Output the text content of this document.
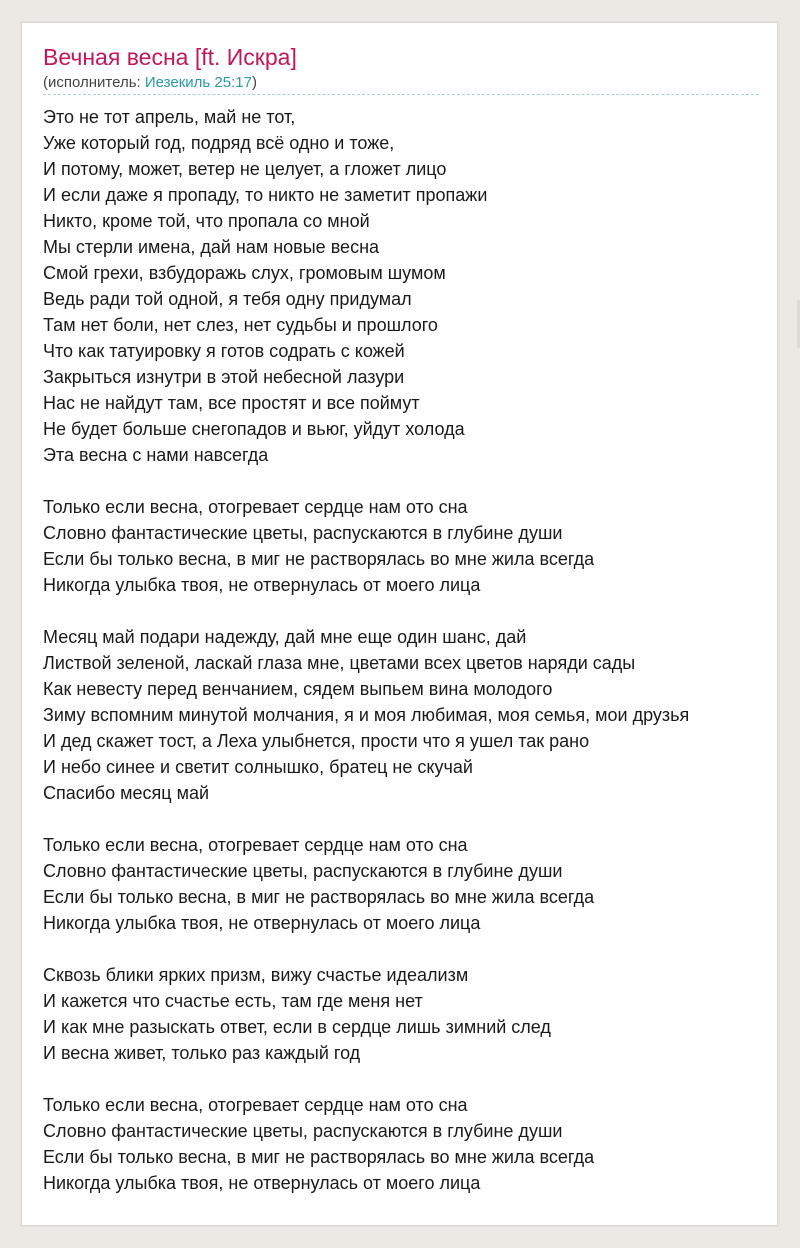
Вечная весна [ft. Искра]
(исполнитель: Иезекиль 25:17)
Это не тот апрель, май не тот,
Уже который год, подряд всё одно и тоже,
И потому, может, ветер не целует, а гложет лицо
И если даже я пропаду, то никто не заметит пропажи
Никто, кроме той, что пропала со мной
Мы стерли имена, дай нам новые весна
Смой грехи, взбудоражь слух, громовым шумом
Ведь ради той одной, я тебя одну придумал
Там нет боли, нет слез, нет судьбы и прошлого
Что как татуировку я готов содрать с кожей
Закрыться изнутри в этой небесной лазури
Нас не найдут там, все простят и все поймут
Не будет больше снегопадов и вьюг, уйдут холода
Эта весна с нами навсегда
Только если весна, отогревает сердце нам ото сна
Словно фантастические цветы, распускаются в глубине души
Если бы только весна, в миг не растворялась во мне жила всегда
Никогда улыбка твоя, не отвернулась от моего лица
Месяц май подари надежду, дай мне еще один шанс, дай
Листвой зеленой, ласкай глаза мне, цветами всех цветов наряди сады
Как невесту перед венчанием, сядем выпьем вина молодого
Зиму вспомним минутой молчания, я и моя любимая, моя семья, мои друзья
И дед скажет тост, а Леха улыбнется, прости что я ушел так рано
И небо синее и светит солнышко, братец не скучай
Спасибо месяц май
Только если весна, отогревает сердце нам ото сна
Словно фантастические цветы, распускаются в глубине души
Если бы только весна, в миг не растворялась во мне жила всегда
Никогда улыбка твоя, не отвернулась от моего лица
Сквозь блики ярких призм, вижу счастье идеализм
И кажется что счастье есть, там где меня нет
И как мне разыскать ответ, если в сердце лишь зимний след
И весна живет, только раз каждый год
Только если весна, отогревает сердце нам ото сна
Словно фантастические цветы, распускаются в глубине души
Если бы только весна, в миг не растворялась во мне жила всегда
Никогда улыбка твоя, не отвернулась от моего лица
